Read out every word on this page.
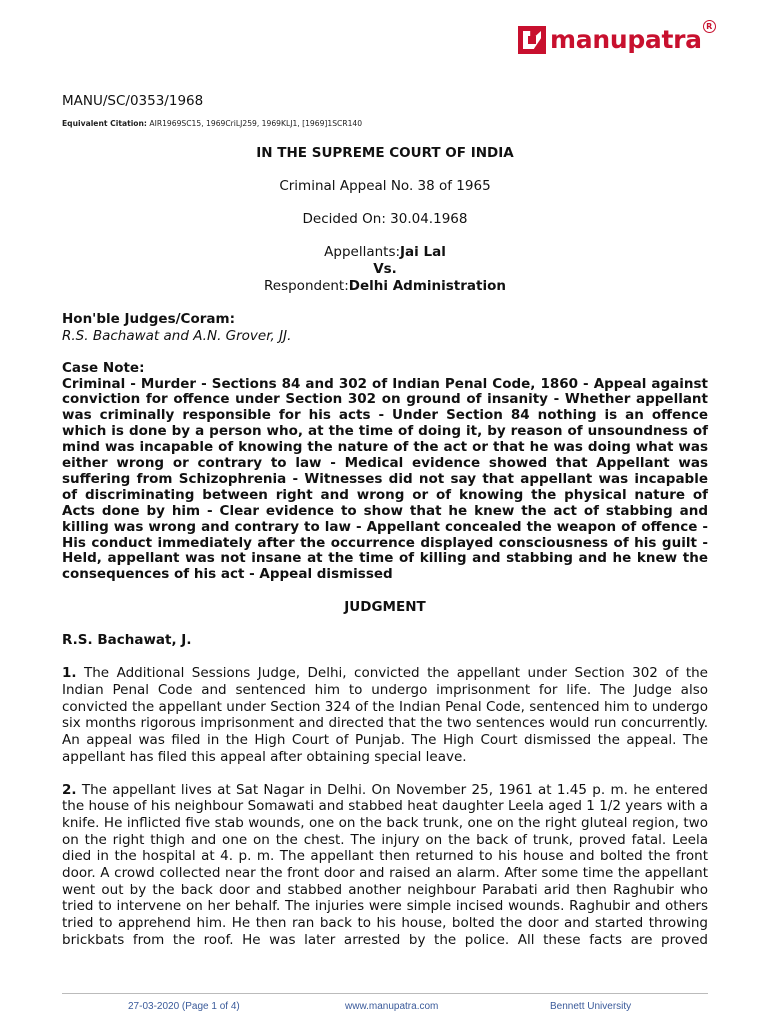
manupatra R
MANU/SC/0353/1968
Equivalent Citation: AIR1969SC15, 1969CriLJ259, 1969KLJ1, [1969]1SCR140
IN THE SUPREME COURT OF INDIA
Criminal Appeal No. 38 of 1965
Decided On: 30.04.1968
Appellants:Jai Lal
Vs.
Respondent:Delhi Administration
Hon'ble Judges/Coram:
R.S. Bachawat and A.N. Grover, JJ.
Case Note:
Criminal - Murder - Sections 84 and 302 of Indian Penal Code, 1860 - Appeal against conviction for offence under Section 302 on ground of insanity - Whether appellant was criminally responsible for his acts - Under Section 84 nothing is an offence which is done by a person who, at the time of doing it, by reason of unsoundness of mind was incapable of knowing the nature of the act or that he was doing what was either wrong or contrary to law - Medical evidence showed that Appellant was suffering from Schizophrenia - Witnesses did not say that appellant was incapable of discriminating between right and wrong or of knowing the physical nature of Acts done by him - Clear evidence to show that he knew the act of stabbing and killing was wrong and contrary to law - Appellant concealed the weapon of offence - His conduct immediately after the occurrence displayed consciousness of his guilt - Held, appellant was not insane at the time of killing and stabbing and he knew the consequences of his act - Appeal dismissed
JUDGMENT
R.S. Bachawat, J.
1. The Additional Sessions Judge, Delhi, convicted the appellant under Section 302 of the Indian Penal Code and sentenced him to undergo imprisonment for life. The Judge also convicted the appellant under Section 324 of the Indian Penal Code, sentenced him to undergo six months rigorous imprisonment and directed that the two sentences would run concurrently. An appeal was filed in the High Court of Punjab. The High Court dismissed the appeal. The appellant has filed this appeal after obtaining special leave.
2. The appellant lives at Sat Nagar in Delhi. On November 25, 1961 at 1.45 p. m. he entered the house of his neighbour Somawati and stabbed heat daughter Leela aged 1 1/2 years with a knife. He inflicted five stab wounds, one on the back trunk, one on the right gluteal region, two on the right thigh and one on the chest. The injury on the back of trunk, proved fatal. Leela died in the hospital at 4. p. m. The appellant then returned to his house and bolted the front door. A crowd collected near the front door and raised an alarm. After some time the appellant went out by the back door and stabbed another neighbour Parabati arid then Raghubir who tried to intervene on her behalf. The injuries were simple incised wounds. Raghubir and others tried to apprehend him. He then ran back to his house, bolted the door and started throwing brickbats from the roof. He was later arrested by the police. All these facts are proved
27-03-2020 (Page 1 of 4)	www.manupatra.com	Bennett University
